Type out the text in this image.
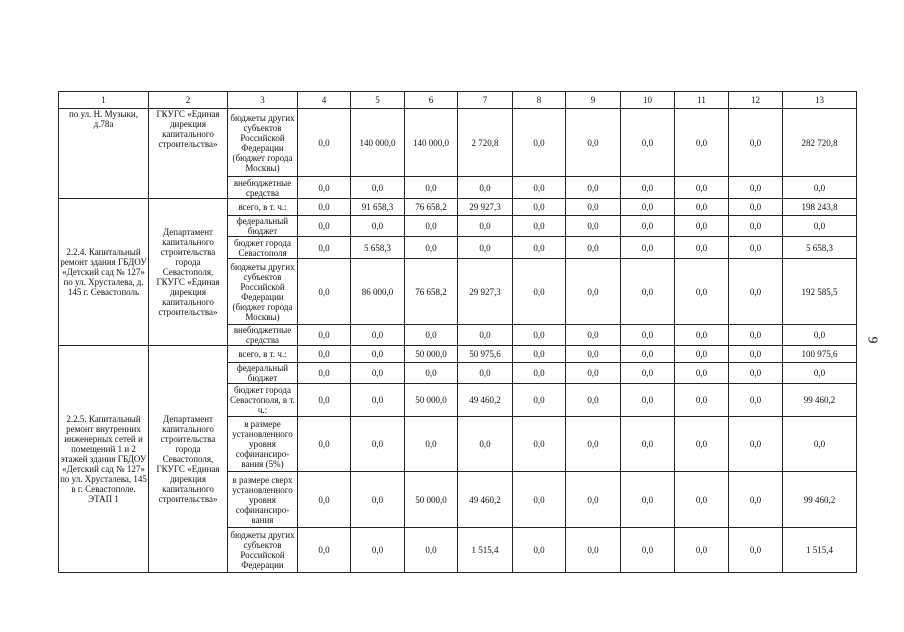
1	2	3	4	5	6	7	8	9	10	11	12	13
по ул. Н. Музыки, д.78а	ГКУГС «Единая дирекция капитального строительства»	бюджеты других субъектов Российской Федерации (бюджет города Москвы)	0,0	140 000,0	140 000,0	2 720,8	0,0	0,0	0,0	0,0	0,0	282 720,8
		внебюджетные средства	0,0	0,0	0,0	0,0	0,0	0,0	0,0	0,0	0,0	0,0
2.2.4. Капитальный ремонт здания ГБДОУ «Детский сад № 127» по ул. Хрусталева, д. 145 г. Севастополь	Департамент капитального строительства города Севастополя, ГКУГС «Единая дирекция капитального строительства»	всего, в т. ч.:	0,0	91 658,3	76 658,2	29 927,3	0,0	0,0	0,0	0,0	0,0	198 243,8
		федеральный бюджет	0,0	0,0	0,0	0,0	0,0	0,0	0,0	0,0	0,0	0,0
		бюджет города Севастополя	0,0	5 658,3	0,0	0,0	0,0	0,0	0,0	0,0	0,0	5 658,3
		бюджеты других субъектов Российской Федерации (бюджет города Москвы)	0,0	86 000,0	76 658,2	29 927,3	0,0	0,0	0,0	0,0	0,0	192 585,5
		внебюджетные средства	0,0	0,0	0,0	0,0	0,0	0,0	0,0	0,0	0,0	0,0
2.2.5. Капитальный ремонт внутренних инженерных сетей и помещений 1 и 2 этажей здания ГБДОУ «Детский сад № 127» по ул. Хрусталева, 145 в г. Севастополе. ЭТАП 1	Департамент капитального строительства города Севастополя, ГКУГС «Единая дирекция капитального строительства»	всего, в т. ч.:	0,0	0,0	50 000,0	50 975,6	0,0	0,0	0,0	0,0	0,0	100 975,6
		федеральный бюджет	0,0	0,0	0,0	0,0	0,0	0,0	0,0	0,0	0,0	0,0
		бюджет города Севастополя, в т. ч.:	0,0	0,0	50 000,0	49 460,2	0,0	0,0	0,0	0,0	0,0	99 460,2
		в размере установленного уровня софинансиро-вания (5%)	0,0	0,0	0,0	0,0	0,0	0,0	0,0	0,0	0,0	0,0
		в размере сверх установленного уровня софинансиро-вания	0,0	0,0	50 000,0	49 460,2	0,0	0,0	0,0	0,0	0,0	99 460,2
		бюджеты других субъектов Российской Федерации	0,0	0,0	0,0	1 515,4	0,0	0,0	0,0	0,0	0,0	1 515,4
9
